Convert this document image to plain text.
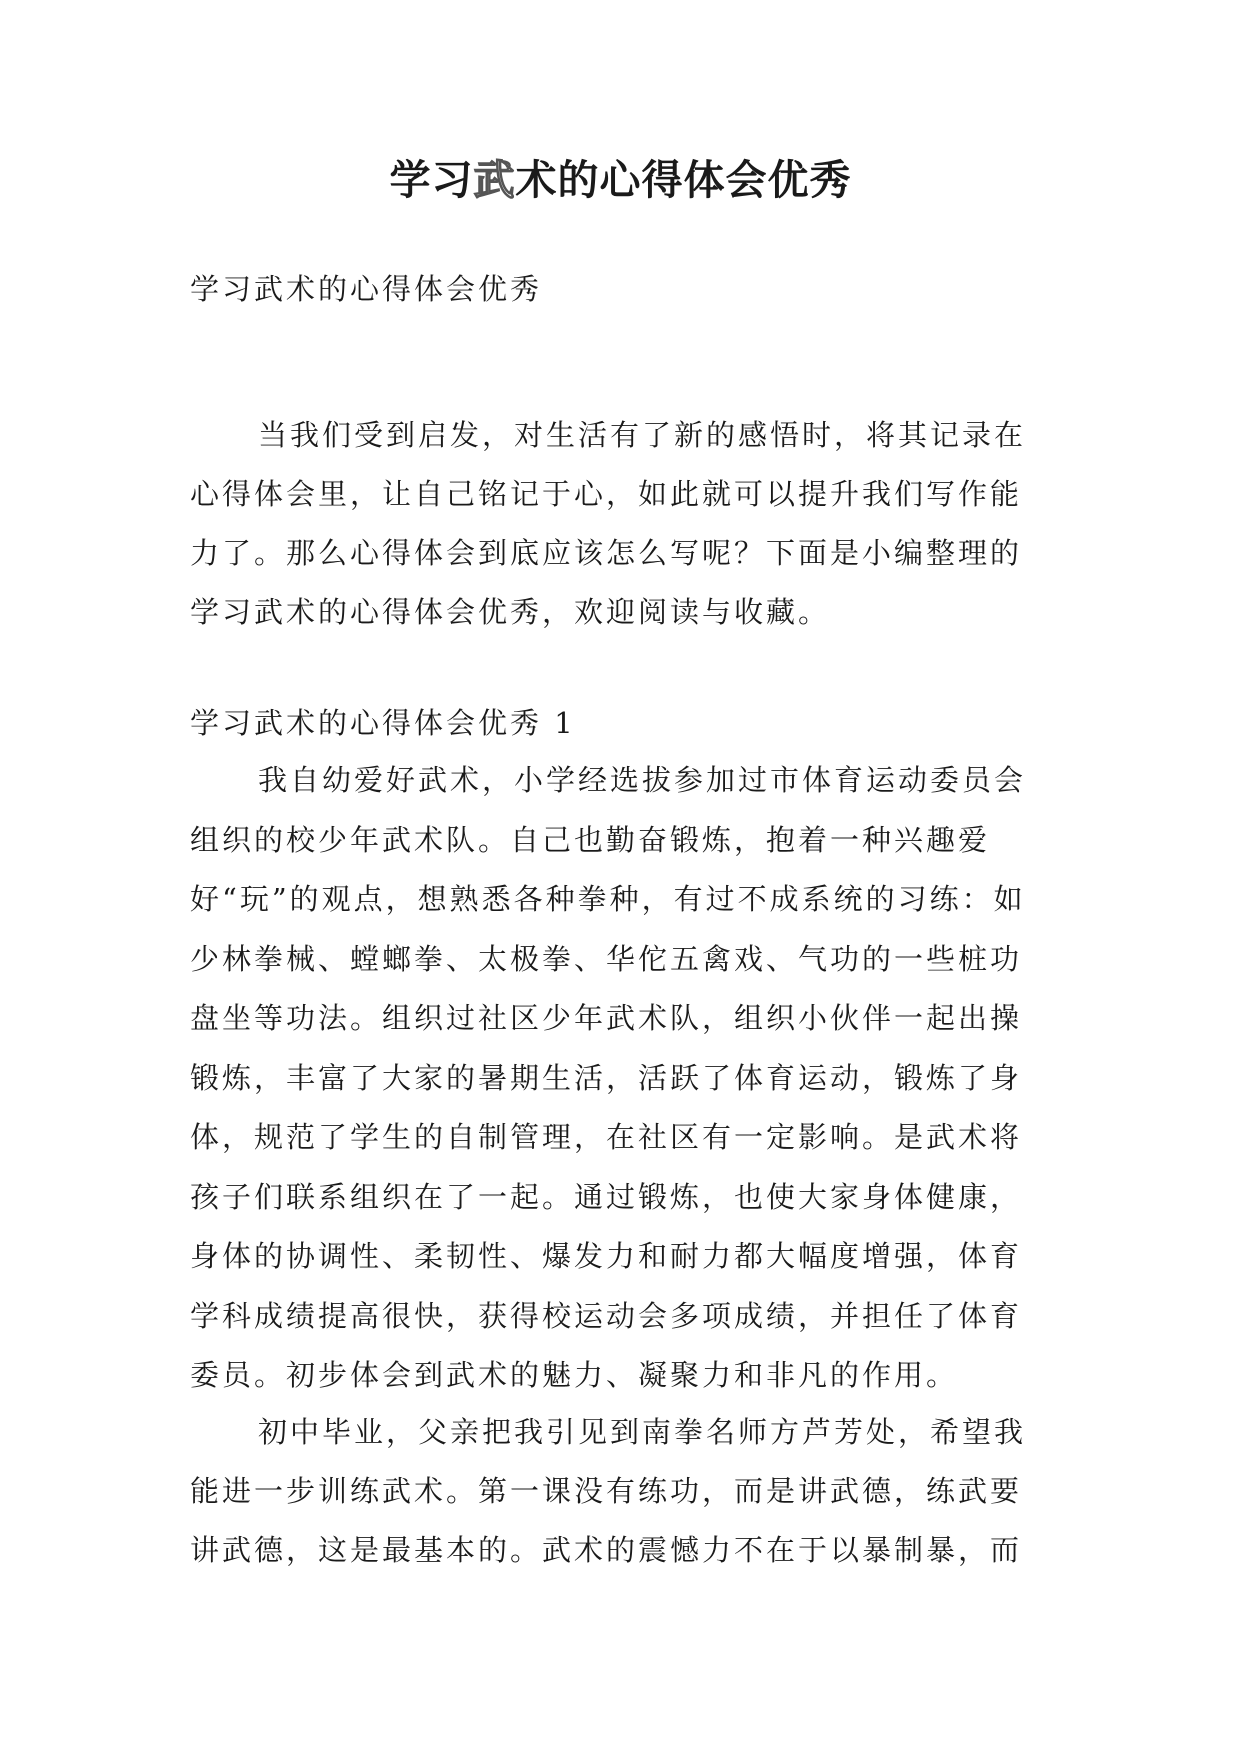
学习武术的心得体会优秀

学习武术的心得体会优秀

当我们受到启发，对生活有了新的感悟时，将其记录在心得体会里，让自己铭记于心，如此就可以提升我们写作能力了。那么心得体会到底应该怎么写呢？下面是小编整理的学习武术的心得体会优秀，欢迎阅读与收藏。

学习武术的心得体会优秀 1

我自幼爱好武术，小学经选拔参加过市体育运动委员会组织的校少年武术队。自己也勤奋锻炼，抱着一种兴趣爱好“玩”的观点，想熟悉各种拳种，有过不成系统的习练：如少林拳械、螳螂拳、太极拳、华佗五禽戏、气功的一些桩功盘坐等功法。组织过社区少年武术队，组织小伙伴一起出操锻炼，丰富了大家的暑期生活，活跃了体育运动，锻炼了身体，规范了学生的自制管理，在社区有一定影响。是武术将孩子们联系组织在了一起。通过锻炼，也使大家身体健康，身体的协调性、柔韧性、爆发力和耐力都大幅度增强，体育学科成绩提高很快，获得校运动会多项成绩，并担任了体育委员。初步体会到武术的魅力、凝聚力和非凡的作用。

初中毕业，父亲把我引见到南拳名师方芦芳处，希望我能进一步训练武术。第一课没有练功，而是讲武德，练武要讲武德，这是最基本的。武术的震憾力不在于以暴制暴，而
